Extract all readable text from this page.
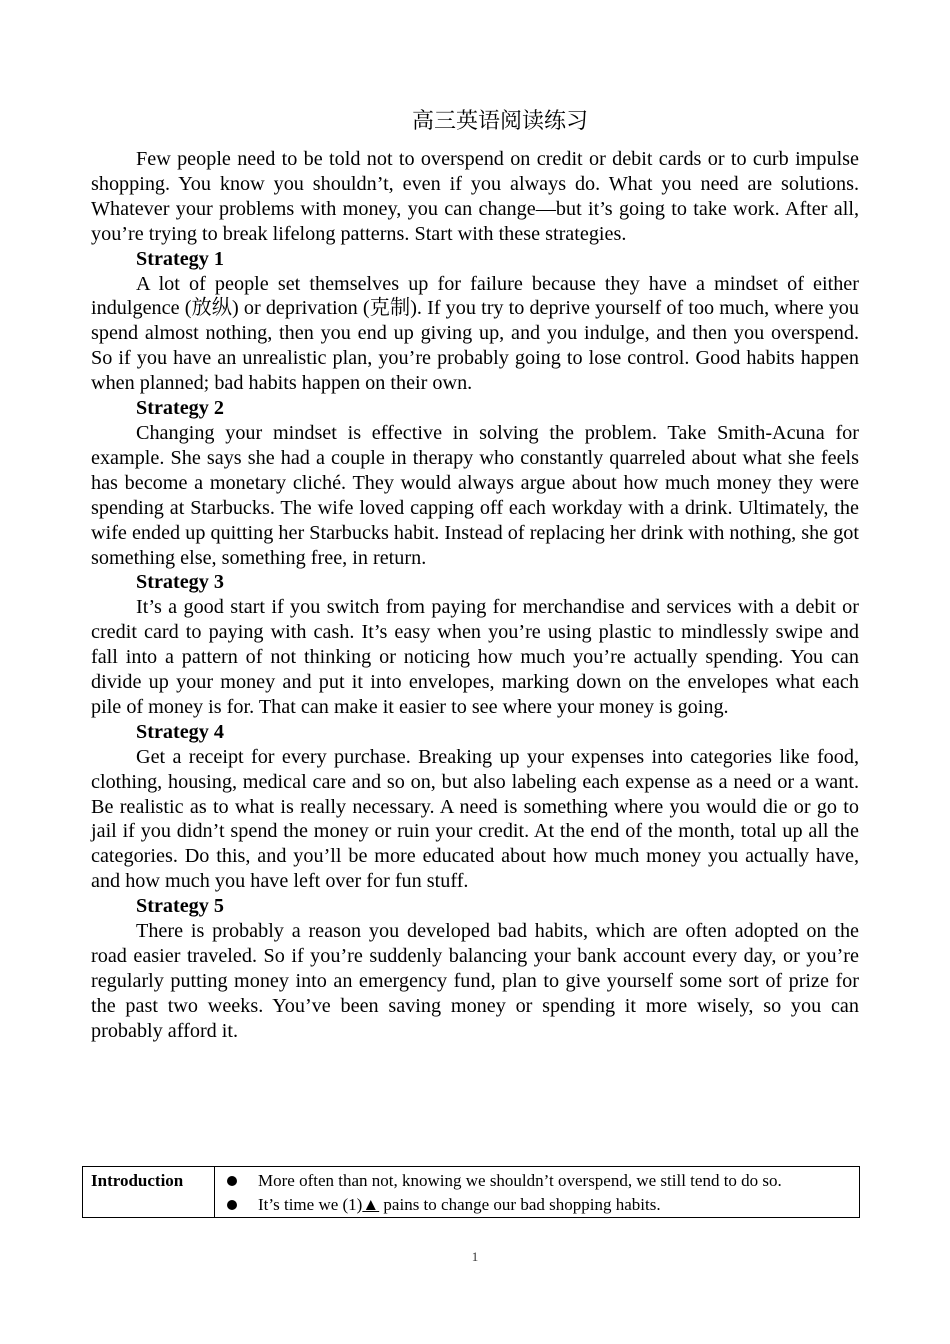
高三英语阅读练习

Few people need to be told not to overspend on credit or debit cards or to curb impulse shopping. You know you shouldn’t, even if you always do. What you need are solutions. Whatever your problems with money, you can change—but it’s going to take work. After all, you’re trying to break lifelong patterns. Start with these strategies.

Strategy 1

A lot of people set themselves up for failure because they have a mindset of either indulgence (放纵) or deprivation (克制). If you try to deprive yourself of too much, where you spend almost nothing, then you end up giving up, and you indulge, and then you overspend. So if you have an unrealistic plan, you’re probably going to lose control. Good habits happen when planned; bad habits happen on their own.

Strategy 2

Changing your mindset is effective in solving the problem. Take Smith-Acuna for example. She says she had a couple in therapy who constantly quarreled about what she feels has become a monetary cliché. They would always argue about how much money they were spending at Starbucks. The wife loved capping off each workday with a drink. Ultimately, the wife ended up quitting her Starbucks habit. Instead of replacing her drink with nothing, she got something else, something free, in return.

Strategy 3

It’s a good start if you switch from paying for merchandise and services with a debit or credit card to paying with cash. It’s easy when you’re using plastic to mindlessly swipe and fall into a pattern of not thinking or noticing how much you’re actually spending. You can divide up your money and put it into envelopes, marking down on the envelopes what each pile of money is for. That can make it easier to see where your money is going.

Strategy 4

Get a receipt for every purchase. Breaking up your expenses into categories like food, clothing, housing, medical care and so on, but also labeling each expense as a need or a want. Be realistic as to what is really necessary. A need is something where you would die or go to jail if you didn’t spend the money or ruin your credit. At the end of the month, total up all the categories. Do this, and you’ll be more educated about how much money you actually have, and how much you have left over for fun stuff.

Strategy 5

There is probably a reason you developed bad habits, which are often adopted on the road easier traveled. So if you’re suddenly balancing your bank account every day, or you’re regularly putting money into an emergency fund, plan to give yourself some sort of prize for the past two weeks. You’ve been saving money or spending it more wisely, so you can probably afford it.

Introduction	More often than not, knowing we shouldn’t overspend, we still tend to do so.
It’s time we (1) ▲
pains to change our bad shopping habits.
1
